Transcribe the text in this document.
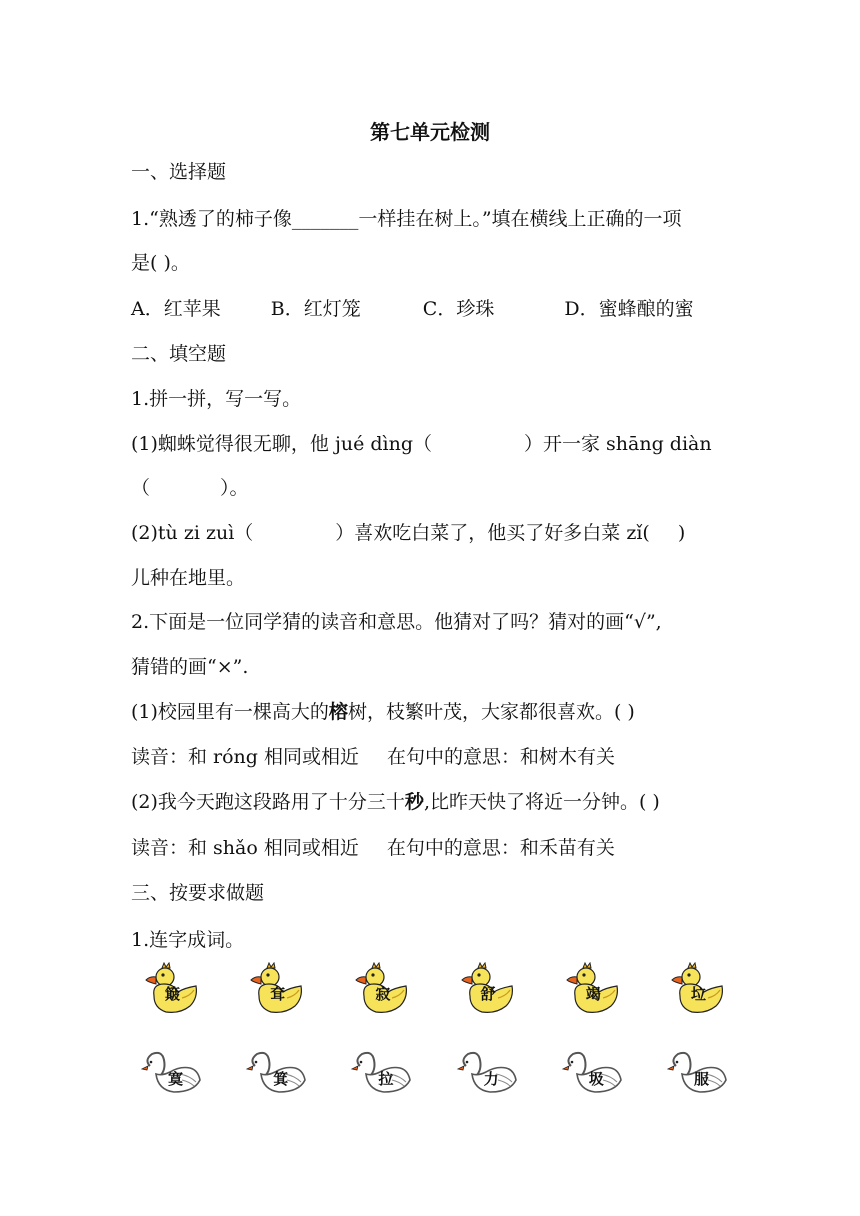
第七单元检测
一、选择题
1.“熟透了的柿子像_______一样挂在树上。”填在横线上正确的一项
是( )。
A．红苹果	B．红灯笼	C．珍珠	D．蜜蜂酿的蜜
二、填空题
1.拼一拼，写一写。
(1)蜘蛛觉得很无聊，他 jué dìng（	）开一家 shāng diàn
（	）。
(2)tù zi zuì（	）喜欢吃白菜了，他买了好多白菜 zǐ( )
儿种在地里。
2.下面是一位同学猜的读音和意思。他猜对了吗？猜对的画“√”,
猜错的画“×”.
(1)校园里有一棵高大的榕树，枝繁叶茂，大家都很喜欢。( )
读音：和 róng 相同或相近 在句中的意思：和树木有关
(2)我今天跑这段路用了十分三十秒,比昨天快了将近一分钟。( )
读音：和 shǎo 相同或相近 在句中的意思：和禾苗有关
三、按要求做题
1.连字成词。
.
簸	耷	寂	舒	竭	垃
寞	箕	拉	力	圾	服
